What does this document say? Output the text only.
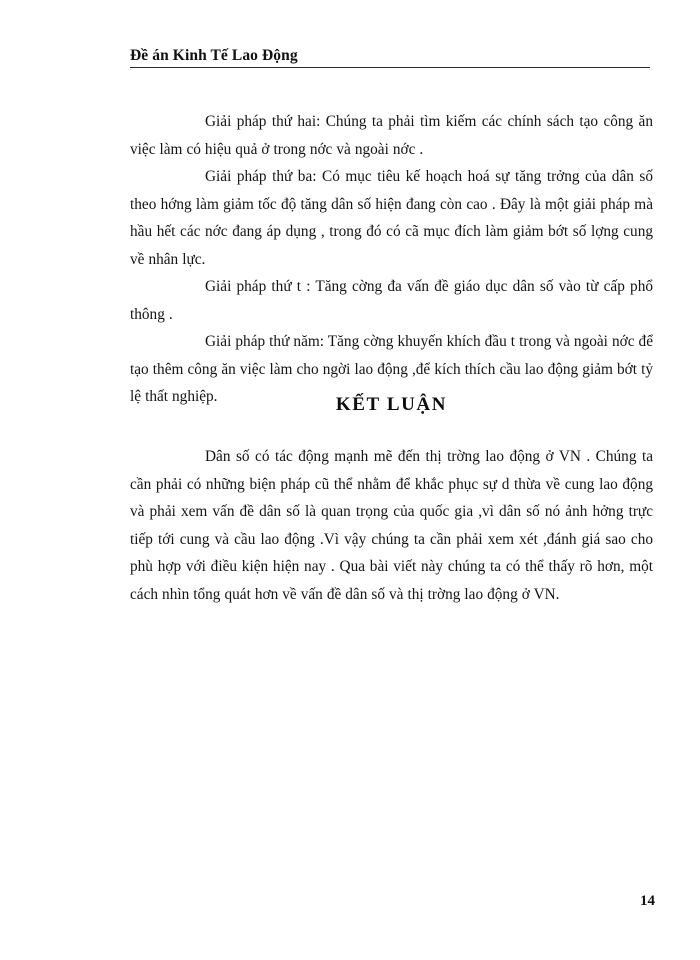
Đề án Kinh Tế Lao Động

Giải pháp thứ hai: Chúng ta phải tìm kiếm các chính sách tạo công ăn việc làm có hiệu quả ở trong nớc và ngoài nớc .

Giải pháp thứ ba: Có mục tiêu kế hoạch hoá sự tăng trởng của dân số theo hớng làm giảm tốc độ tăng dân số hiện đang còn cao . Đây là một giải pháp mà hầu hết các nớc đang áp dụng , trong đó có cã mục đích làm giảm bớt số lợng cung về nhân lực.

Giải pháp thứ t : Tăng cờng đa vấn đề giáo dục dân số vào từ cấp phổ thông .

Giải pháp thứ năm: Tăng cờng khuyến khích đầu t trong và ngoài nớc để tạo thêm công ăn việc làm cho ngời lao động ,để kích thích cầu lao động giảm bớt tỷ lệ thất nghiệp.	KẾT LUẬN

Dân số có tác động mạnh mẽ đến thị trờng lao động ở VN . Chúng ta cần phải có những biện pháp cũ thể nhằm để khắc phục sự d thừa về cung lao động và phải xem vấn đề dân số là quan trọng của quốc gia ,vì dân số nó ảnh hởng trực tiếp tới cung và cầu lao động .Vì vậy chúng ta cần phải xem xét ,đánh giá sao cho phù hợp với điều kiện hiện nay . Qua bài viết này chúng ta có thể thấy rõ hơn, một cách nhìn tổng quát hơn về vấn đề dân số và thị trờng lao động ở VN.

14
